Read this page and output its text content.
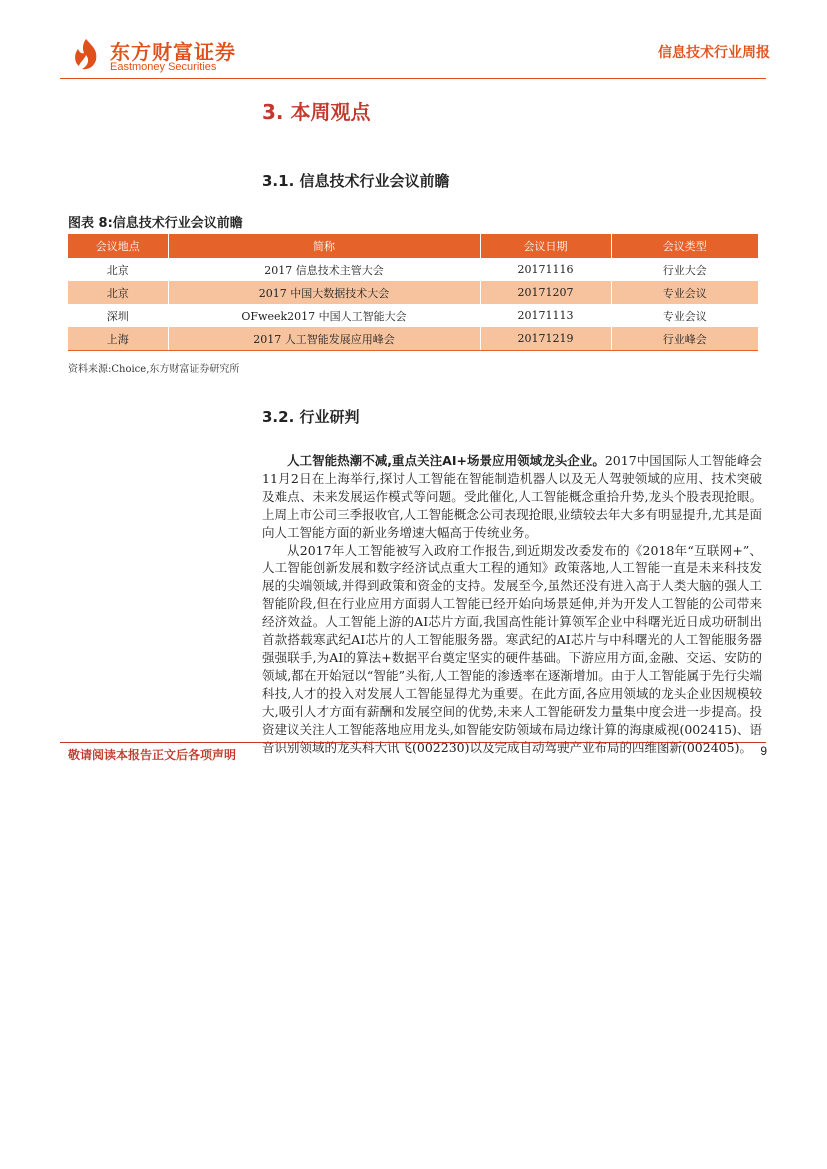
东方财富证券
Eastmoney Securities
信息技术行业周报
3. 本周观点
3.1. 信息技术行业会议前瞻
图表 8:信息技术行业会议前瞻
会议地点	简称	会议日期	会议类型
北京	2017 信息技术主管大会	20171116	行业大会
北京	2017 中国大数据技术大会	20171207	专业会议
深圳	OFweek2017 中国人工智能大会	20171113	专业会议
上海	2017 人工智能发展应用峰会	20171219	行业峰会
资料来源:Choice,东方财富证券研究所
3.2. 行业研判

人工智能热潮不减,重点关注AI+场景应用领域龙头企业。2017中国国际人工智能峰会11月2日在上海举行,探讨人工智能在智能制造机器人以及无人驾驶领域的应用、技术突破及难点、未来发展运作模式等问题。受此催化,人工智能概念重拾升势,龙头个股表现抢眼。上周上市公司三季报收官,人工智能概念公司表现抢眼,业绩较去年大多有明显提升,尤其是面向人工智能方面的新业务增速大幅高于传统业务。

从2017年人工智能被写入政府工作报告,到近期发改委发布的《2018年“互联网+”、人工智能创新发展和数字经济试点重大工程的通知》政策落地,人工智能一直是未来科技发展的尖端领域,并得到政策和资金的支持。发展至今,虽然还没有进入高于人类大脑的强人工智能阶段,但在行业应用方面弱人工智能已经开始向场景延伸,并为开发人工智能的公司带来经济效益。人工智能上游的AI芯片方面,我国高性能计算领军企业中科曙光近日成功研制出首款搭载寒武纪AI芯片的人工智能服务器。寒武纪的AI芯片与中科曙光的人工智能服务器强强联手,为AI的算法+数据平台奠定坚实的硬件基础。下游应用方面,金融、交运、安防的领域,都在开始冠以“智能”头衔,人工智能的渗透率在逐渐增加。由于人工智能属于先行尖端科技,人才的投入对发展人工智能显得尤为重要。在此方面,各应用领域的龙头企业因规模较大,吸引人才方面有薪酬和发展空间的优势,未来人工智能研发力量集中度会进一步提高。投资建议关注人工智能落地应用龙头,如智能安防领域布局边缘计算的海康威视(002415)、语音识别领域的龙头科大讯飞(002230)以及完成自动驾驶产业布局的四维图新(002405)。

敬请阅读本报告正文后各项声明	9
